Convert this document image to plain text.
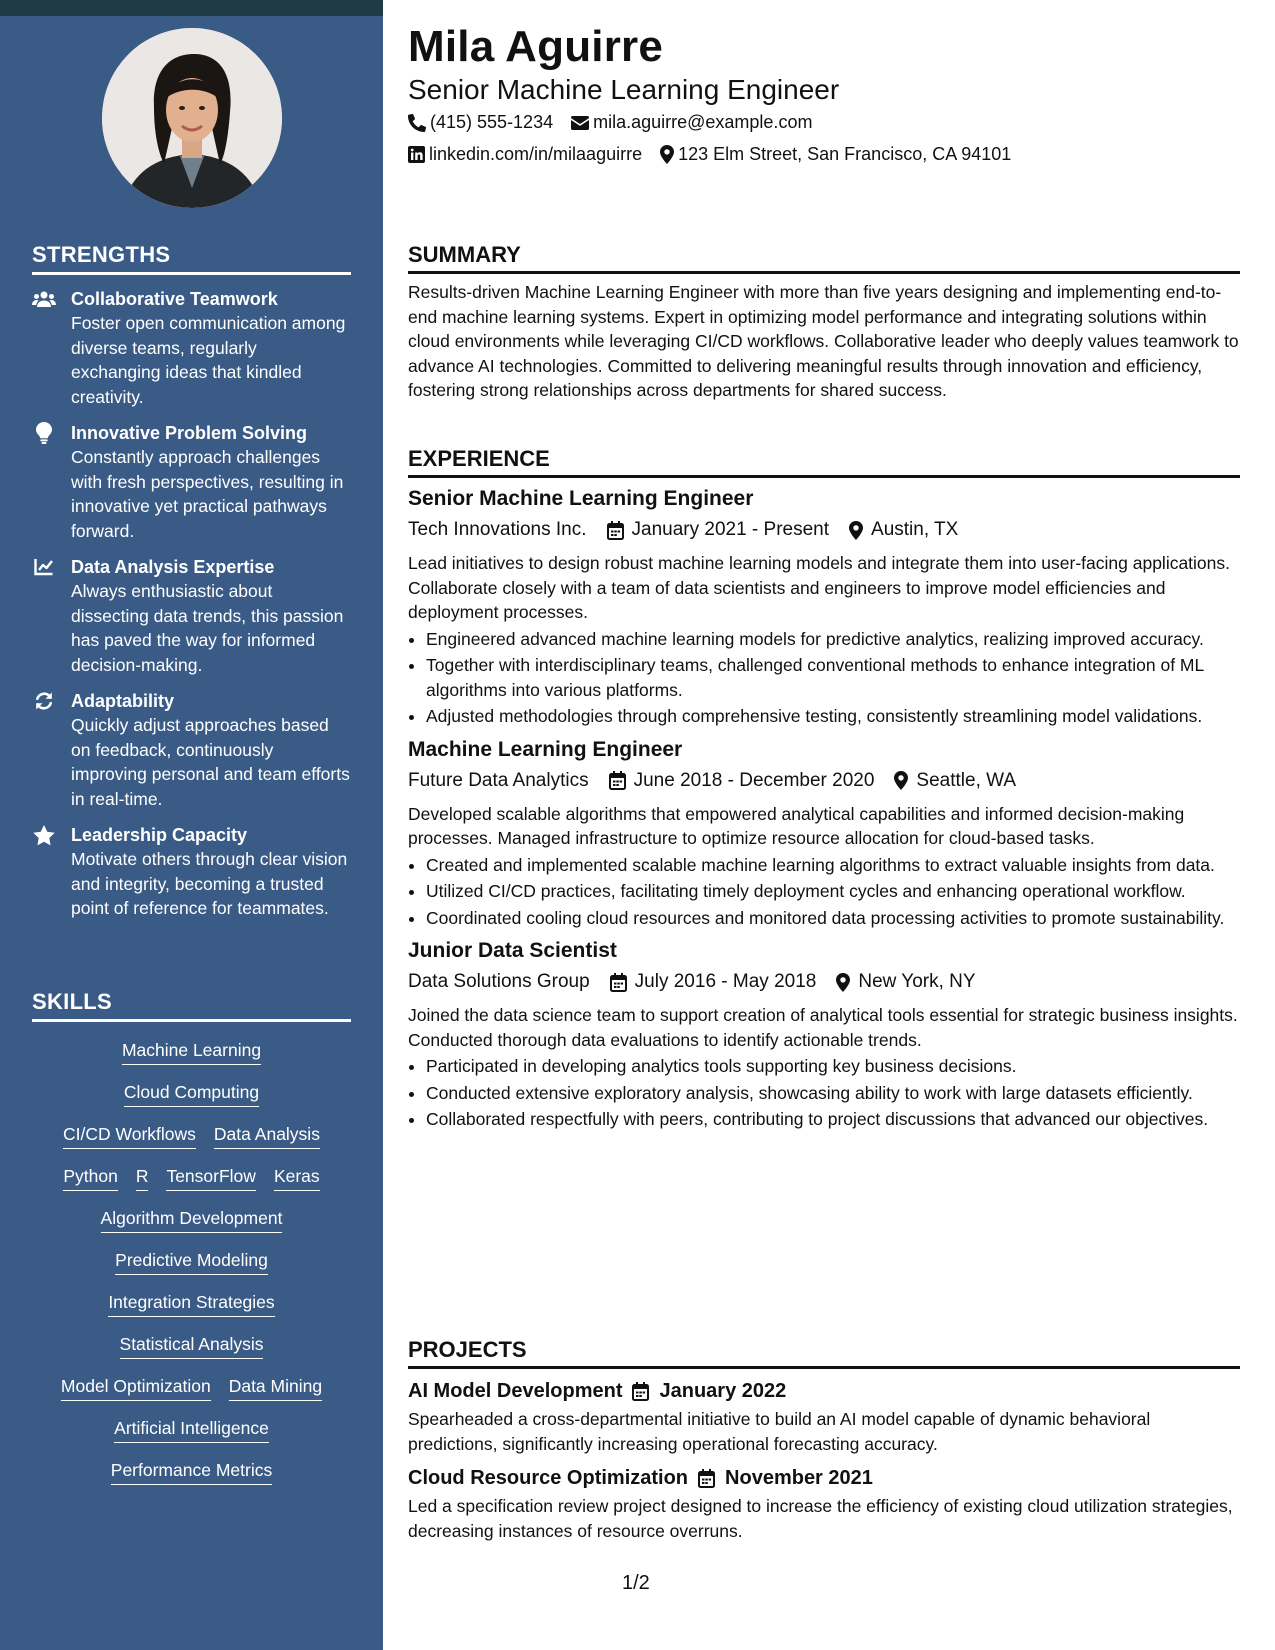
STRENGTHS
Collaborative Teamwork
Foster open communication among diverse teams, regularly exchanging ideas that kindled creativity.
Innovative Problem Solving
Constantly approach challenges with fresh perspectives, resulting in innovative yet practical pathways forward.
Data Analysis Expertise
Always enthusiastic about dissecting data trends, this passion has paved the way for informed decision-making.
Adaptability
Quickly adjust approaches based on feedback, continuously improving personal and team efforts in real-time.
Leadership Capacity
Motivate others through clear vision and integrity, becoming a trusted point of reference for teammates.
SKILLS
Machine Learning
Cloud Computing
CI/CD Workflows Data Analysis
Python R TensorFlow Keras
Algorithm Development
Predictive Modeling
Integration Strategies
Statistical Analysis
Model Optimization Data Mining
Artificial Intelligence
Performance Metrics
Mila Aguirre
Senior Machine Learning Engineer
(415) 555-1234 mila.aguirre@example.com
linkedin.com/in/milaaguirre 123 Elm Street, San Francisco, CA 94101
SUMMARY

Results-driven Machine Learning Engineer with more than five years designing and implementing end-to-end machine learning systems. Expert in optimizing model performance and integrating solutions within cloud environments while leveraging CI/CD workflows. Collaborative leader who deeply values teamwork to advance AI technologies. Committed to delivering meaningful results through innovation and efficiency, fostering strong relationships across departments for shared success.

EXPERIENCE
Senior Machine Learning Engineer
Tech Innovations Inc. January 2021 - Present Austin, TX

Lead initiatives to design robust machine learning models and integrate them into user-facing applications. Collaborate closely with a team of data scientists and engineers to improve model efficiencies and deployment processes.

• Engineered advanced machine learning models for predictive analytics, realizing improved accuracy.
• Together with interdisciplinary teams, challenged conventional methods to enhance integration of ML algorithms into various platforms.
• Adjusted methodologies through comprehensive testing, consistently streamlining model validations.
Machine Learning Engineer
Future Data Analytics June 2018 - December 2020 Seattle, WA

Developed scalable algorithms that empowered analytical capabilities and informed decision-making processes. Managed infrastructure to optimize resource allocation for cloud-based tasks.

• Created and implemented scalable machine learning algorithms to extract valuable insights from data.
• Utilized CI/CD practices, facilitating timely deployment cycles and enhancing operational workflow.
• Coordinated cooling cloud resources and monitored data processing activities to promote sustainability.
Junior Data Scientist
Data Solutions Group July 2016 - May 2018 New York, NY

Joined the data science team to support creation of analytical tools essential for strategic business insights. Conducted thorough data evaluations to identify actionable trends.

• Participated in developing analytics tools supporting key business decisions.
• Conducted extensive exploratory analysis, showcasing ability to work with large datasets efficiently.
• Collaborated respectfully with peers, contributing to project discussions that advanced our objectives.
PROJECTS
AI Model Development January 2022

Spearheaded a cross-departmental initiative to build an AI model capable of dynamic behavioral predictions, significantly increasing operational forecasting accuracy.

Cloud Resource Optimization November 2021

Led a specification review project designed to increase the efficiency of existing cloud utilization strategies, decreasing instances of resource overruns.

1/2
